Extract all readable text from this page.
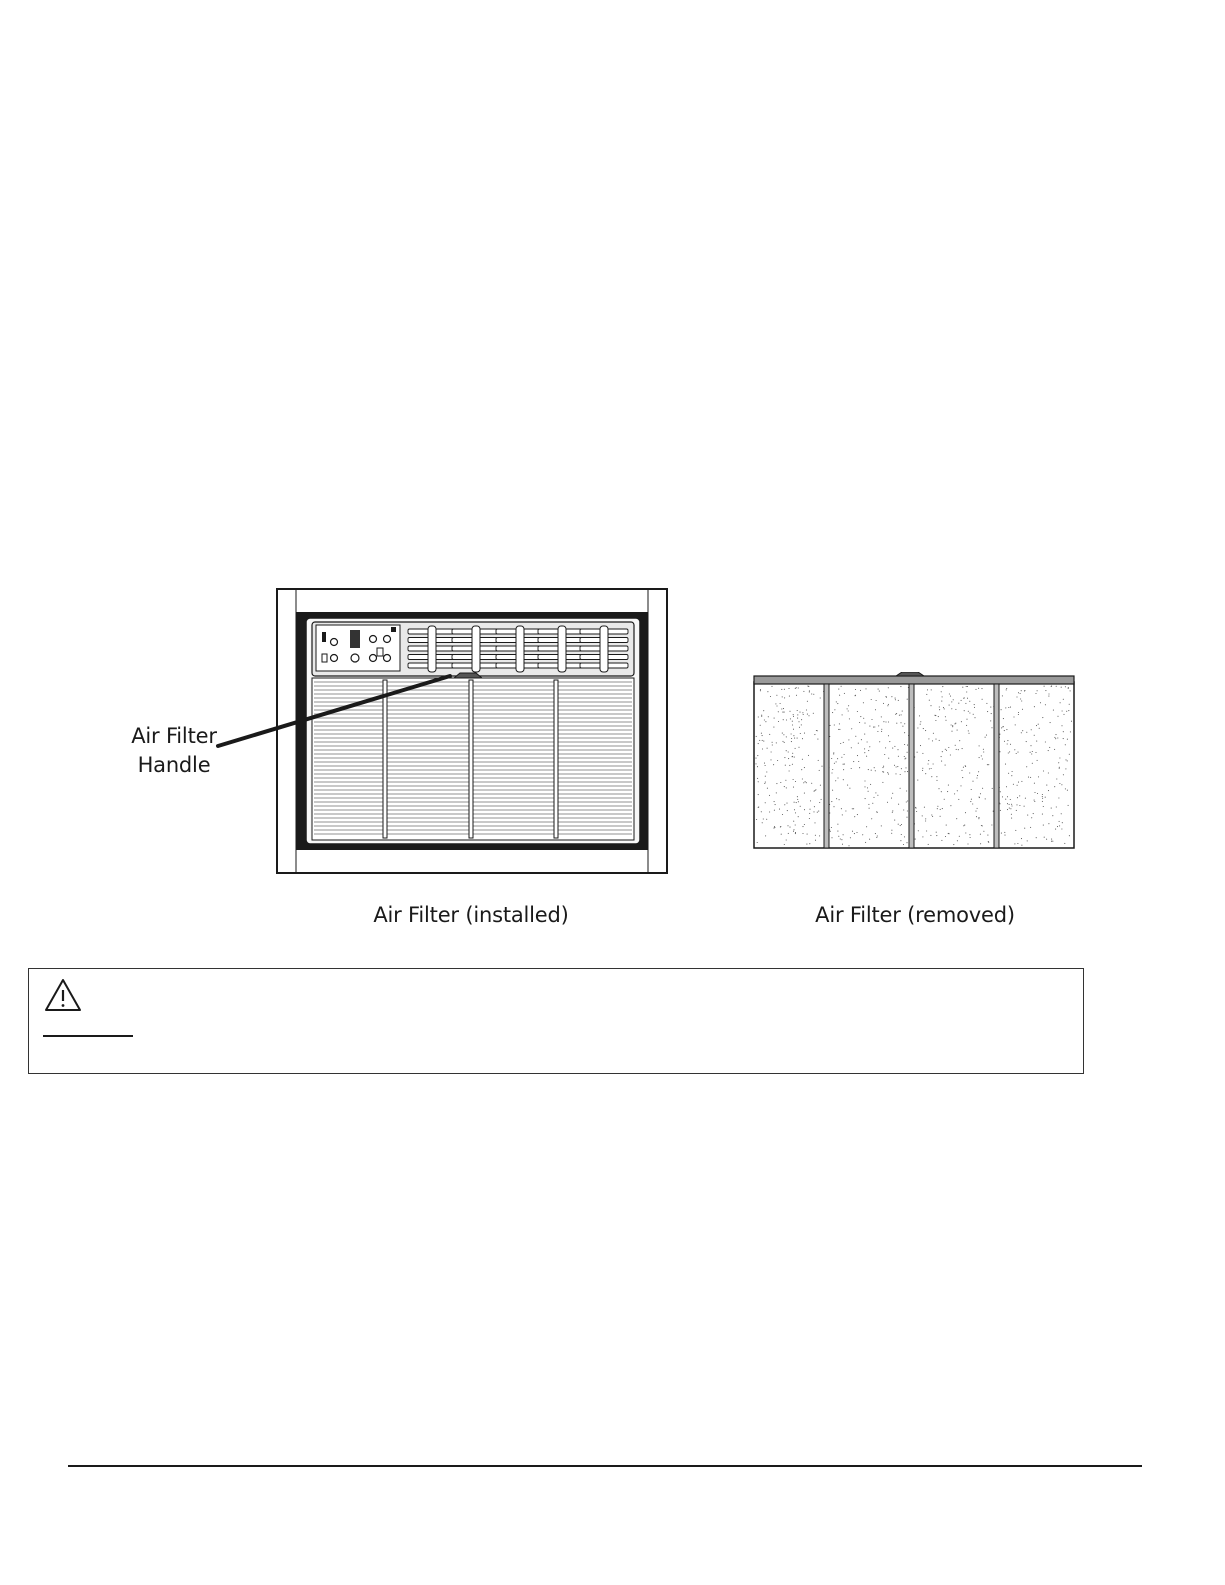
Air Filter
Handle
Air Filter (installed)	Air Filter (removed)
